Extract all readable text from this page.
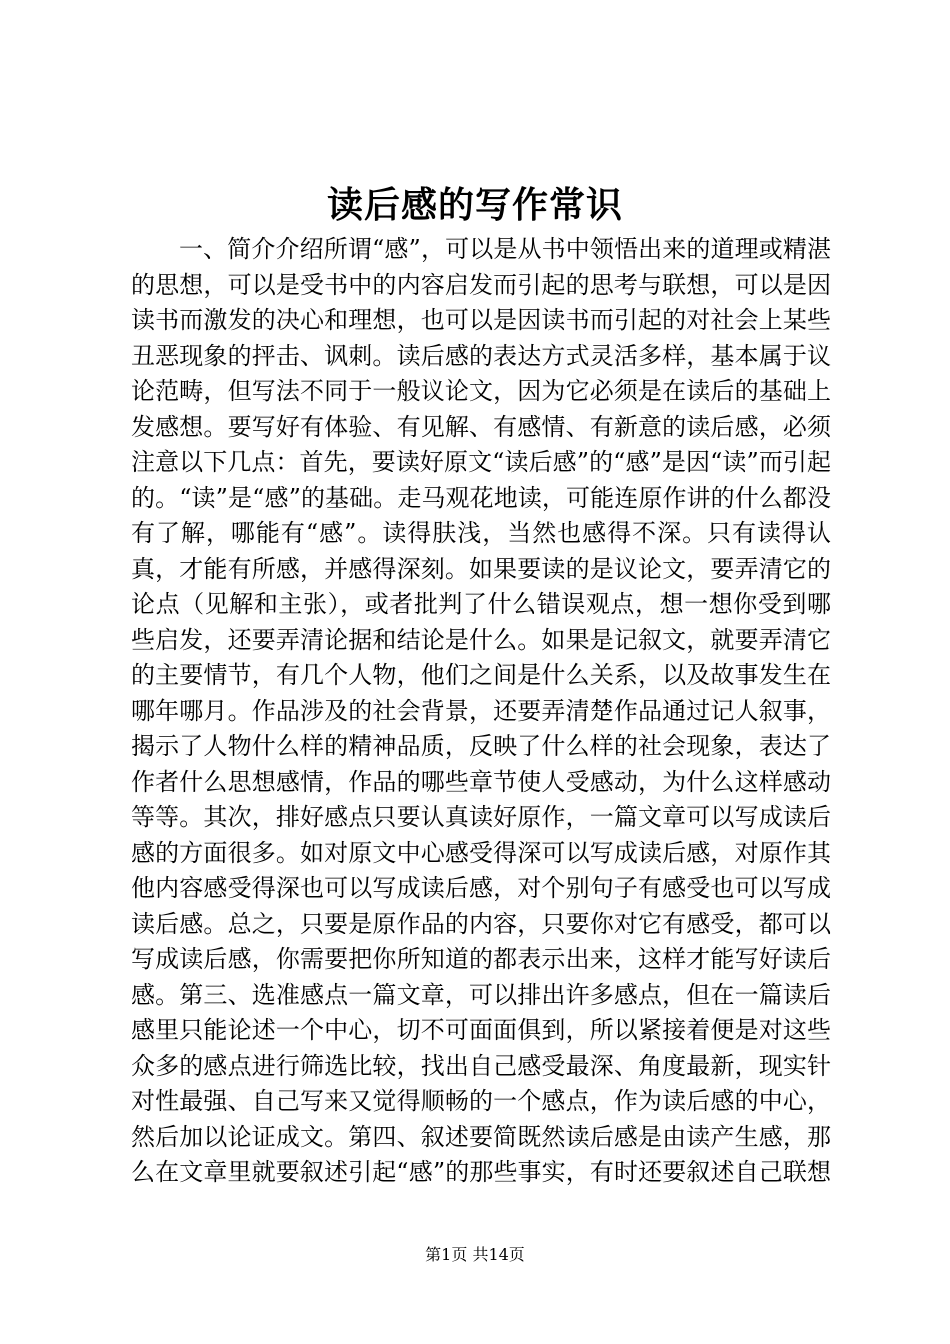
读后感的写作常识

一、简介介绍所谓“感”，可以是从书中领悟出来的道理或精湛的思想，可以是受书中的内容启发而引起的思考与联想，可以是因读书而激发的决心和理想，也可以是因读书而引起的对社会上某些丑恶现象的抨击、讽刺。读后感的表达方式灵活多样，基本属于议论范畴，但写法不同于一般议论文，因为它必须是在读后的基础上发感想。要写好有体验、有见解、有感情、有新意的读后感，必须注意以下几点：首先，要读好原文“读后感”的“感”是因“读”而引起的。“读”是“感”的基础。走马观花地读，可能连原作讲的什么都没有了解，哪能有“感”。读得肤浅，当然也感得不深。只有读得认真，才能有所感，并感得深刻。如果要读的是议论文，要弄清它的论点（见解和主张），或者批判了什么错误观点，想一想你受到哪些启发，还要弄清论据和结论是什么。如果是记叙文，就要弄清它的主要情节，有几个人物，他们之间是什么关系，以及故事发生在哪年哪月。作品涉及的社会背景，还要弄清楚作品通过记人叙事，揭示了人物什么样的精神品质，反映了什么样的社会现象，表达了作者什么思想感情，作品的哪些章节使人受感动，为什么这样感动等等。其次，排好感点只要认真读好原作，一篇文章可以写成读后感的方面很多。如对原文中心感受得深可以写成读后感，对原作其他内容感受得深也可以写成读后感，对个别句子有感受也可以写成读后感。总之，只要是原作品的内容，只要你对它有感受，都可以写成读后感，你需要把你所知道的都表示出来，这样才能写好读后感。第三、选准感点一篇文章，可以排出许多感点，但在一篇读后感里只能论述一个中心，切不可面面俱到，所以紧接着便是对这些众多的感点进行筛选比较，找出自己感受最深、角度最新，现实针对性最强、自己写来又觉得顺畅的一个感点，作为读后感的中心，然后加以论证成文。第四、叙述要简既然读后感是由读产生感，那么在文章里就要叙述引起“感”的那些事实，有时还要叙述自己联想

第1页 共14页
